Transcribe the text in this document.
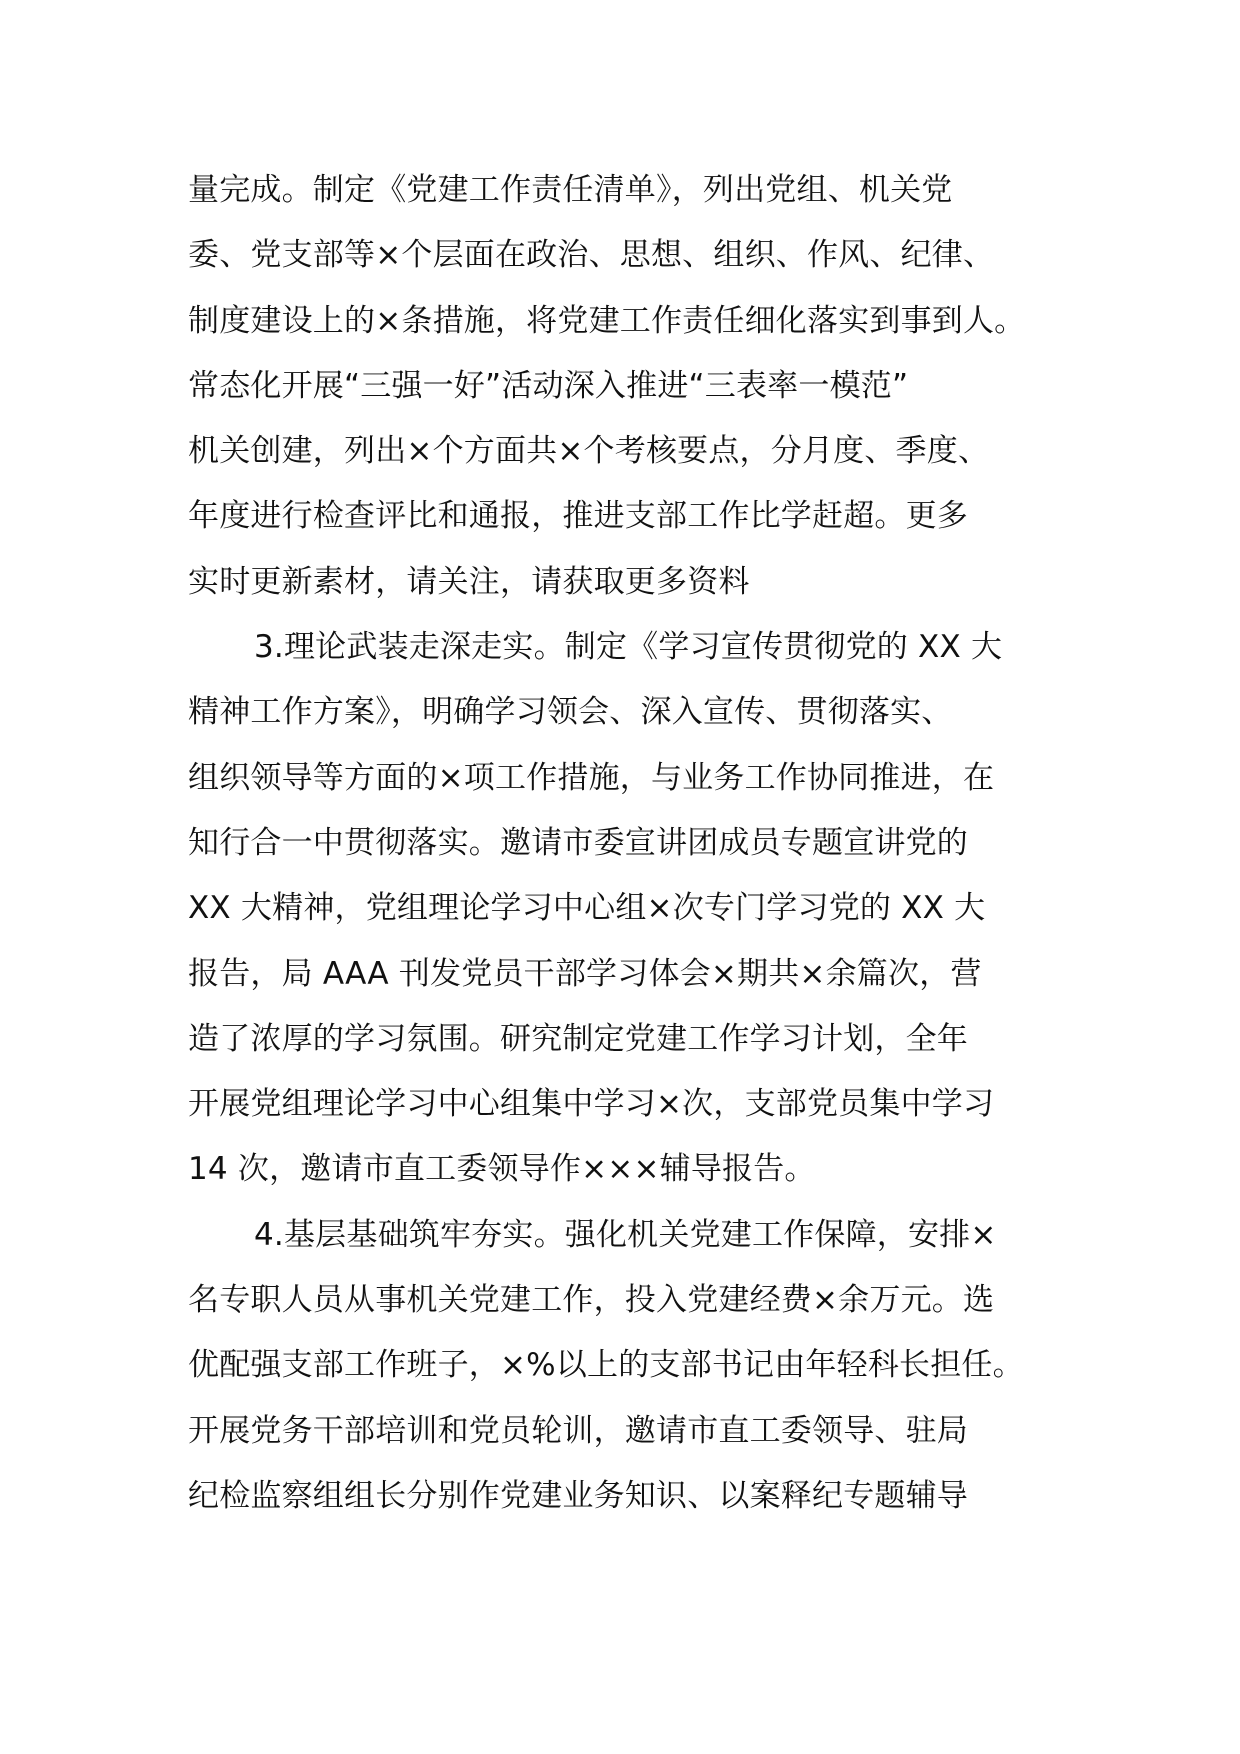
量完成。制定《党建工作责任清单》，列出党组、机关党
委、党支部等×个层面在政治、思想、组织、作风、纪律、
制度建设上的×条措施，将党建工作责任细化落实到事到人。
常态化开展“三强一好”活动深入推进“三表率一模范”
机关创建，列出×个方面共×个考核要点，分月度、季度、
年度进行检查评比和通报，推进支部工作比学赶超。更多
实时更新素材，请关注，请获取更多资料
3.理论武装走深走实。制定《学习宣传贯彻党的 XX 大
精神工作方案》，明确学习领会、深入宣传、贯彻落实、
组织领导等方面的×项工作措施，与业务工作协同推进，在
知行合一中贯彻落实。邀请市委宣讲团成员专题宣讲党的
XX 大精神，党组理论学习中心组×次专门学习党的 XX 大
报告，局 AAA 刊发党员干部学习体会×期共×余篇次，营
造了浓厚的学习氛围。研究制定党建工作学习计划，全年
开展党组理论学习中心组集中学习×次，支部党员集中学习
14 次，邀请市直工委领导作×××辅导报告。
4.基层基础筑牢夯实。强化机关党建工作保障，安排×
名专职人员从事机关党建工作，投入党建经费×余万元。选
优配强支部工作班子，×%以上的支部书记由年轻科长担任。
开展党务干部培训和党员轮训，邀请市直工委领导、驻局
纪检监察组组长分别作党建业务知识、以案释纪专题辅导
